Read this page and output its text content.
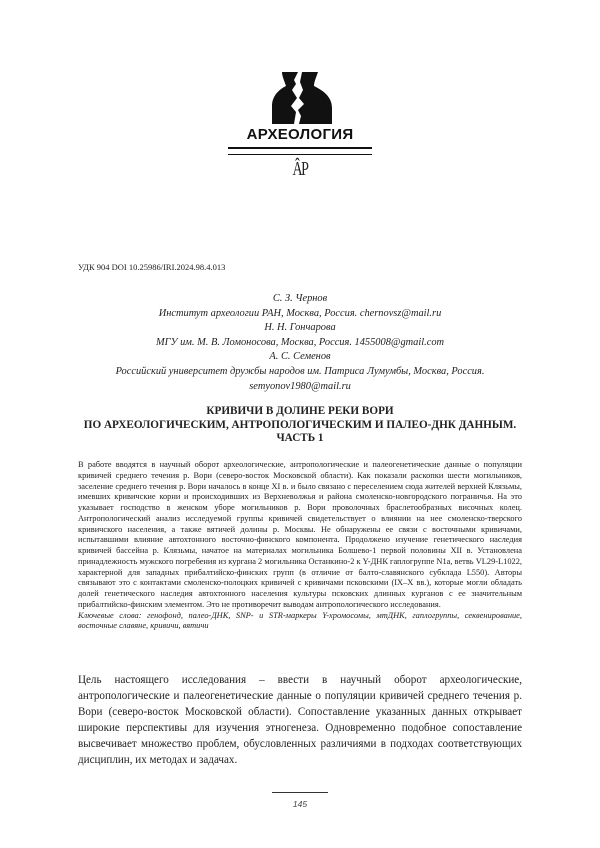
АРХЕОЛОГИЯ
ÂP
УДК 904 DOI 10.25986/IRI.2024.98.4.013
С. З. Чернов
Институт археологии РАН, Москва, Россия. chernovsz@mail.ru
Н. Н. Гончарова
МГУ им. М. В. Ломоносова, Москва, Россия. 1455008@gmail.com
А. С. Семенов
Российский университет дружбы народов им. Патриса Лумумбы, Москва, Россия.
semyonov1980@mail.ru
КРИВИЧИ В ДОЛИНЕ РЕКИ ВОРИ
ПО АРХЕОЛОГИЧЕСКИМ, АНТРОПОЛОГИЧЕСКИМ И ПАЛЕО-ДНК ДАННЫМ.
ЧАСТЬ 1
В работе вводятся в научный оборот археологические, антропологические и палеогенетические данные о популяции кривичей среднего течения р. Вори (северо-восток Московской области). Как показали раскопки шести могильников, заселение среднего течения р. Вори началось в конце XI в. и было связано с переселением сюда жителей верхней Клязьмы, имевших кривичские корни и происходивших из Верхневолжья и района смоленско-новгородского пограничья. На это указывает господство в женском уборе могильников р. Вори проволочных браслетообразных височных колец. Антропологический анализ исследуемой группы кривичей свидетельствует о влиянии на нее смоленско-тверского кривичского населения, а также вятичей долины р. Москвы. Не обнаружены ее связи с восточными кривичами, испытавшими влияние автохтонного восточно-финского компонента. Продолжено изучение генетического наследия кривичей бассейна р. Клязьмы, начатое на материалах могильника Болшево-1 первой половины XII в. Установлена принадлежность мужского погребения из кургана 2 могильника Останкино-2 к Y-ДНК гаплогруппе N1a, ветвь VL29-L1022, характерной для западных прибалтийско-финских групп (в отличие от балто-славянского субклада L550). Авторы связывают это с контактами смоленско-полоцких кривичей с кривичами псковскими (IX–X вв.), которые могли обладать долей генетического наследия автохтонного населения культуры псковских длинных курганов с ее значительным прибалтийско-финским элементом. Это не противоречит выводам антропологического исследования.
Ключевые слова: генофонд, палео-ДНК, SNP- и STR-маркеры Y-хромосомы, мтДНК, гаплогруппы, секвенирование, восточные славяне, кривичи, вятичи
Цель настоящего исследования – ввести в научный оборот археологические, антропологические и палеогенетические данные о популяции кривичей среднего течения р. Вори (северо-восток Московской области). Сопоставление указанных данных открывает широкие перспективы для изучения этногенеза. Одновременно подобное сопоставление высвечивает множество проблем, обусловленных различиями в подходах соответствующих дисциплин, их методах и задачах.
145
